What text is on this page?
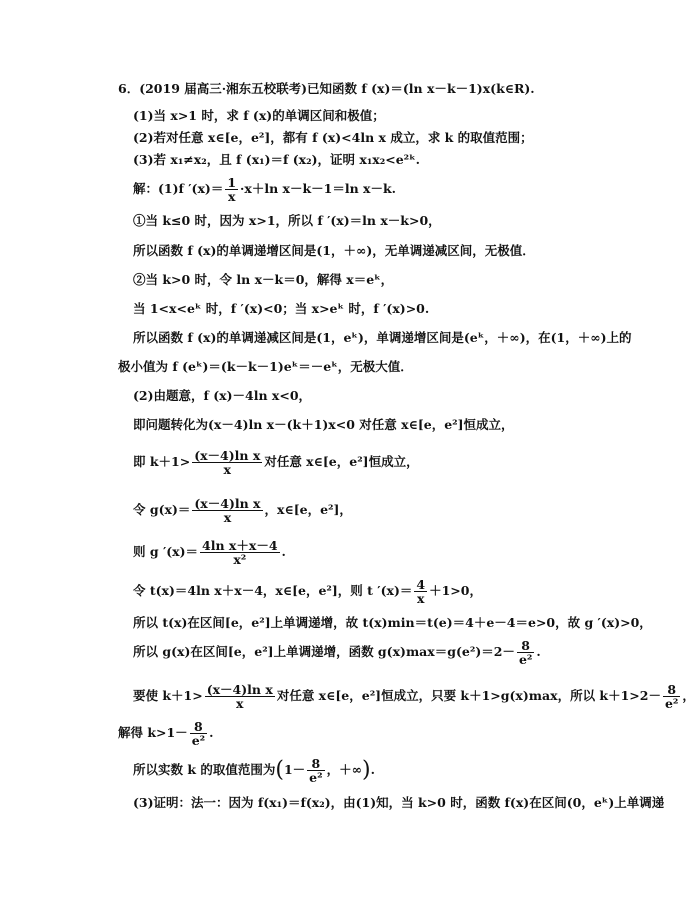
6．(2019 届高三·湘东五校联考)已知函数 f (x)＝(ln x－k－1)x(k∈R).
(1)当 x>1 时，求 f (x)的单调区间和极值；
(2)若对任意 x∈[e，e²]，都有 f (x)<4ln x 成立，求 k 的取值范围；
(3)若 x₁≠x₂，且 f (x₁)＝f (x₂)，证明 x₁x₂<e²ᵏ.
解：(1)f $'(x)= \frac{1}{x} \cdot x+\ln$ x－k－1＝ln x－k.
①当 k≤0 时，因为 x>1，所以 f ′(x)＝ln x－k>0，
所以函数 f (x)的单调递增区间是(1，＋∞)，无单调递减区间，无极值．
②当 k>0 时，令 ln x－k＝0，解得 x＝eᵏ，
当 1<x<eᵏ 时，f ′(x)<0；当 x>eᵏ 时，f ′(x)>0.
所以函数 f (x)的单调递减区间是(1，eᵏ)，单调递增区间是(eᵏ，＋∞)，在(1，＋∞)上的
极小值为 f (eᵏ)＝(k－k－1)eᵏ＝－eᵏ，无极大值．
(2)由题意，f (x)－4ln x<0，
即问题转化为(x－4)ln x－(k＋1)x<0 对任意 x∈[e，e²]恒成立，
即 $k+1> \frac{\text{(x－4)ln x}}{x}$ 对任意 x∈[e，e²]恒成立，
令 $g(x)= \frac{\text{(x－4)ln x}}{x}$ ，x∈[e，e²]，
则 g $'(x)= \frac{\text{4ln x＋x－4}}{\text{x²}}$ .
令 t(x)＝4ln x＋x－4，x∈[e，e²]，则 t $'(x)= \frac{4}{x} +1>0$，
所以 t(x)在区间[e，e²]上单调递增，故 t(x)min＝t(e)＝4＋e－4＝e>0，故 g ′(x)>0，
所以 g(x)在区间[e，e²]上单调递增，函数 $g(x)\max=g(e^2)=2- \frac{8}{\text{e²}}$ .
要使 $k+1> \frac{\text{(x－4)ln x}}{x}$ 对任意 x∈[e，e²]恒成立，只要 k＋1>g(x)max，所以 $k+1>2- \frac{8}{\text{e²}}$ ，
解得 $k>1- \frac{8}{\text{e²}}$ .
所以实数 k 的取值范围为($1- \frac{8}{\text{e²}}$ ，＋∞).
(3)证明：法一：因为 f(x₁)＝f(x₂)，由(1)知，当 k>0 时，函数 f(x)在区间(0，eᵏ)上单调递
